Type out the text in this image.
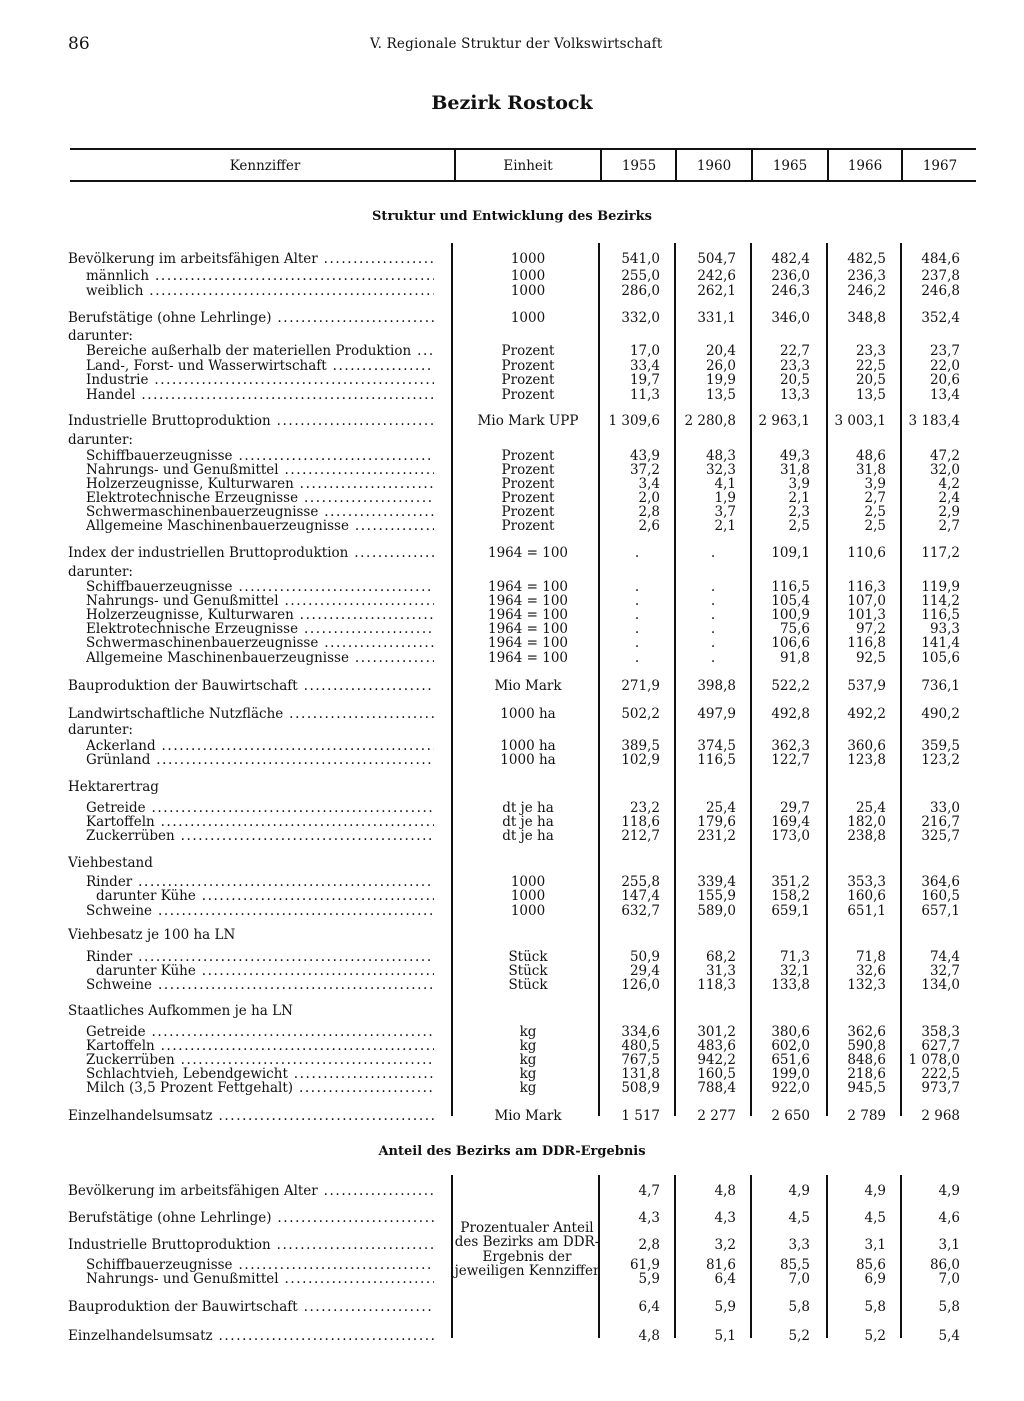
86	V. Regionale Struktur der Volkswirtschaft
Bezirk Rostock
Kennziffer	Einheit	1955	1960	1965	1966	1967
Struktur und Entwicklung des Bezirks
Anteil des Bezirks am DDR-Ergebnis
Prozentualer Anteil des Bezirks am DDR-Ergebnis der jeweiligen Kennziffer
Bevölkerung im arbeitsfähigen Alter .....	1000	541,0	504,7	482,4	482,5	484,6
männlich .....	1000	255,0	242,6	236,0	236,3	237,8
weiblich .....	1000	286,0	262,1	246,3	246,2	246,8
Berufstätige (ohne Lehrlinge) .....	1000	332,0	331,1	346,0	348,8	352,4
darunter:
Bereiche außerhalb der materiellen Produktion .....	Prozent	17,0	20,4	22,7	23,3	23,7
Land-, Forst- und Wasserwirtschaft .....	Prozent	33,4	26,0	23,3	22,5	22,0
Industrie .....	Prozent	19,7	19,9	20,5	20,5	20,6
Handel .....	Prozent	11,3	13,5	13,3	13,5	13,4
Industrielle Bruttoproduktion .....	Mio Mark UPP	1 309,6	2 280,8	2 963,1	3 003,1	3 183,4
darunter:
Schiffbauerzeugnisse .....	Prozent	43,9	48,3	49,3	48,6	47,2
Nahrungs- und Genußmittel .....	Prozent	37,2	32,3	31,8	31,8	32,0
Holzerzeugnisse, Kulturwaren .....	Prozent	3,4	4,1	3,9	3,9	4,2
Elektrotechnische Erzeugnisse .....	Prozent	2,0	1,9	2,1	2,7	2,4
Schwermaschinenbauerzeugnisse .....	Prozent	2,8	3,7	2,3	2,5	2,9
Allgemeine Maschinenbauerzeugnisse .....	Prozent	2,6	2,1	2,5	2,5	2,7
Index der industriellen Bruttoproduktion .....	1964 = 100	.	.	109,1	110,6	117,2
darunter:
Schiffbauerzeugnisse .....	1964 = 100	.	.	116,5	116,3	119,9
Nahrungs- und Genußmittel .....	1964 = 100	.	.	105,4	107,0	114,2
Holzerzeugnisse, Kulturwaren .....	1964 = 100	.	.	100,9	101,3	116,5
Elektrotechnische Erzeugnisse .....	1964 = 100	.	.	75,6	97,2	93,3
Schwermaschinenbauerzeugnisse .....	1964 = 100	.	.	106,6	116,8	141,4
Allgemeine Maschinenbauerzeugnisse .....	1964 = 100	.	.	91,8	92,5	105,6
Bauproduktion der Bauwirtschaft .....	Mio Mark	271,9	398,8	522,2	537,9	736,1
Landwirtschaftliche Nutzfläche .....	1000 ha	502,2	497,9	492,8	492,2	490,2
darunter:
Ackerland .....	1000 ha	389,5	374,5	362,3	360,6	359,5
Grünland .....	1000 ha	102,9	116,5	122,7	123,8	123,2
Hektarertrag
Getreide .....	dt je ha	23,2	25,4	29,7	25,4	33,0
Kartoffeln .....	dt je ha	118,6	179,6	169,4	182,0	216,7
Zuckerrüben .....	dt je ha	212,7	231,2	173,0	238,8	325,7
Viehbestand
Rinder .....	1000	255,8	339,4	351,2	353,3	364,6
darunter Kühe .....	1000	147,4	155,9	158,2	160,6	160,5
Schweine .....	1000	632,7	589,0	659,1	651,1	657,1
Viehbesatz je 100 ha LN
Rinder .....	Stück	50,9	68,2	71,3	71,8	74,4
darunter Kühe .....	Stück	29,4	31,3	32,1	32,6	32,7
Schweine .....	Stück	126,0	118,3	133,8	132,3	134,0
Staatliches Aufkommen je ha LN
Getreide .....	kg	334,6	301,2	380,6	362,6	358,3
Kartoffeln .....	kg	480,5	483,6	602,0	590,8	627,7
Zuckerrüben .....	kg	767,5	942,2	651,6	848,6	1 078,0
Schlachtvieh, Lebendgewicht .....	kg	131,8	160,5	199,0	218,6	222,5
Milch (3,5 Prozent Fettgehalt) .....	kg	508,9	788,4	922,0	945,5	973,7
Einzelhandelsumsatz .....	Mio Mark	1 517	2 277	2 650	2 789	2 968
Bevölkerung im arbeitsfähigen Alter .....	4,7	4,8	4,9	4,9	4,9
Berufstätige (ohne Lehrlinge) .....	4,3	4,3	4,5	4,5	4,6
Industrielle Bruttoproduktion .....	2,8	3,2	3,3	3,1	3,1
Schiffbauerzeugnisse .....	61,9	81,6	85,5	85,6	86,0
Nahrungs- und Genußmittel .....	5,9	6,4	7,0	6,9	7,0
Bauproduktion der Bauwirtschaft .....	6,4	5,9	5,8	5,8	5,8
Einzelhandelsumsatz .....	4,8	5,1	5,2	5,2	5,4
